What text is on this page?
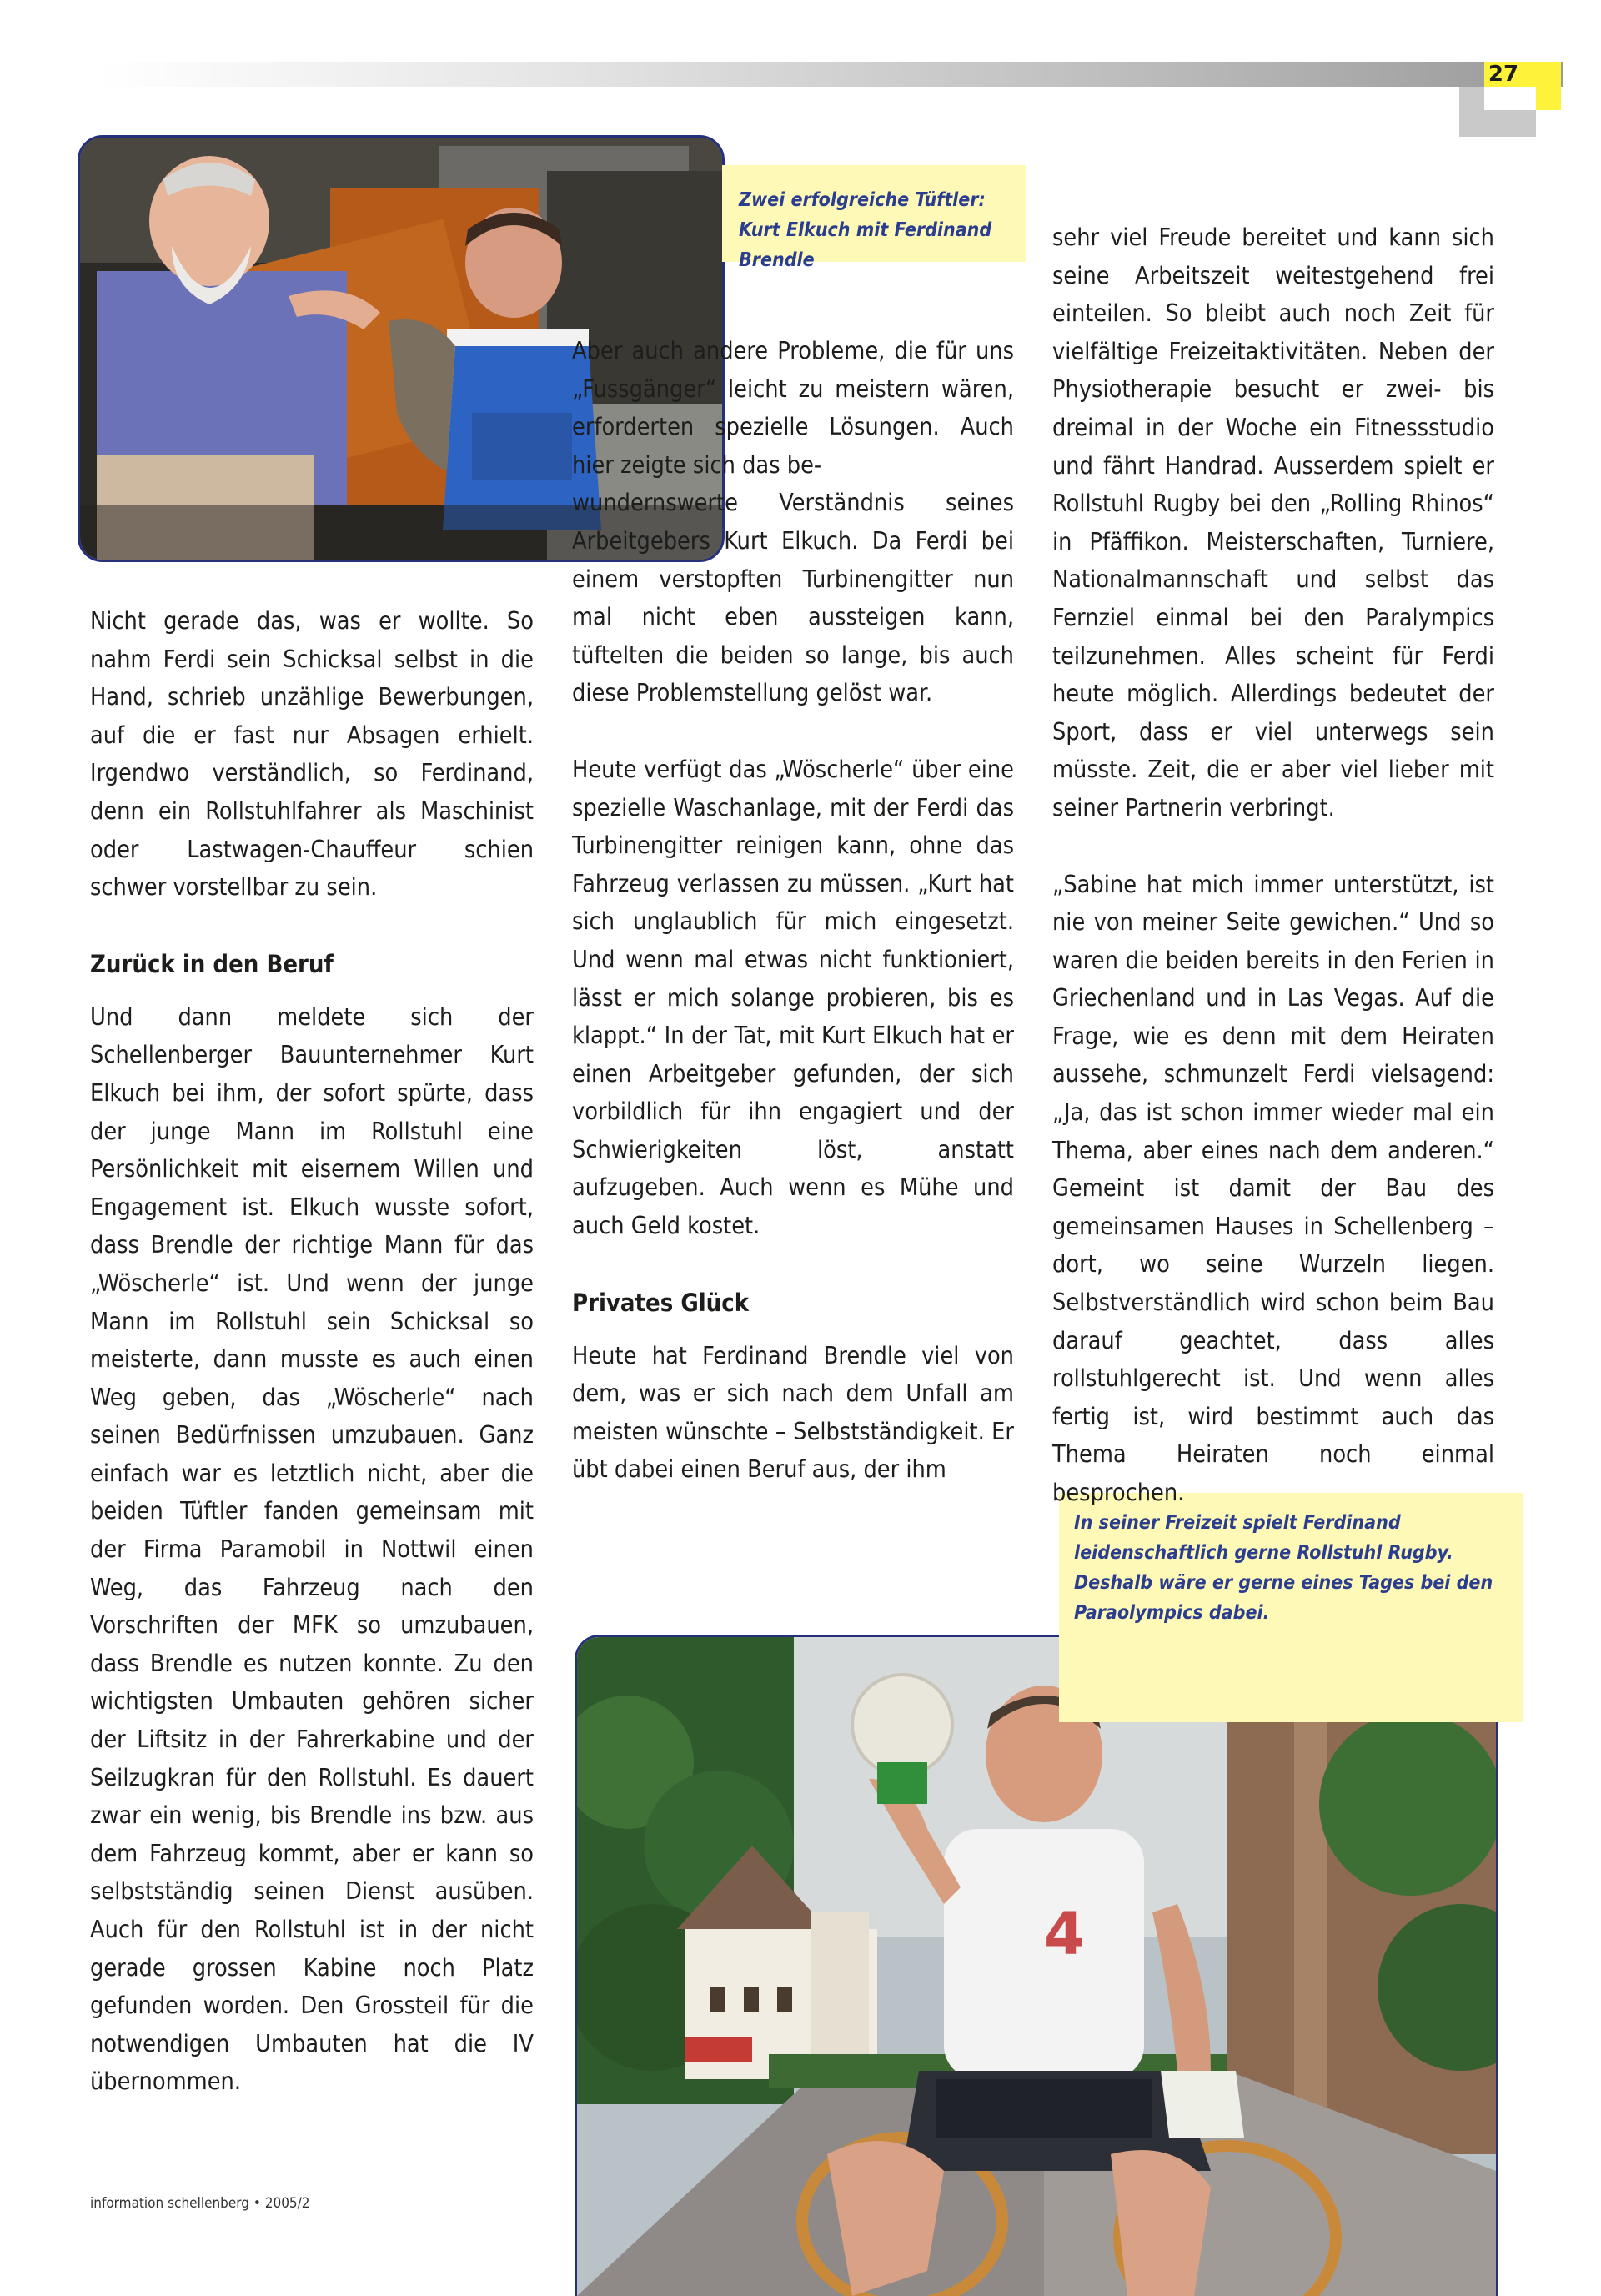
27
Zwei erfolgreiche Tüftler: Kurt Elkuch mit Ferdinand Brendle
4
In seiner Freizeit spielt Ferdinand leidenschaftlich gerne Rollstuhl Rugby. Deshalb wäre er gerne eines Tages bei den Paraolympics dabei.

Nicht gerade das, was er wollte. So nahm Ferdi sein Schicksal selbst in die Hand, schrieb unzählige Bewerbungen, auf die er fast nur Absagen erhielt. Irgendwo verständlich, so Ferdinand, denn ein Rollstuhlfahrer als Maschinist oder Lastwagen-Chauffeur schien schwer vorstellbar zu sein.

Zurück in den Beruf

Und dann meldete sich der Schellenberger Bauunternehmer Kurt Elkuch bei ihm, der sofort spürte, dass der junge Mann im Rollstuhl eine Persönlichkeit mit eisernem Willen und Engagement ist. Elkuch wusste sofort, dass Brendle der richtige Mann für das „Wöscherle“ ist. Und wenn der junge Mann im Rollstuhl sein Schicksal so meisterte, dann musste es auch einen Weg geben, das „Wöscherle“ nach seinen Bedürfnissen umzubauen. Ganz einfach war es letztlich nicht, aber die beiden Tüftler fanden gemeinsam mit der Firma Paramobil in Nottwil einen Weg, das Fahrzeug nach den Vorschriften der MFK so umzubauen, dass Brendle es nutzen konnte. Zu den wichtigsten Umbauten gehören sicher der Liftsitz in der Fahrerkabine und der Seilzugkran für den Rollstuhl. Es dauert zwar ein wenig, bis Brendle ins bzw. aus dem Fahrzeug kommt, aber er kann so selbstständig seinen Dienst ausüben. Auch für den Rollstuhl ist in der nicht gerade grossen Kabine noch Platz gefunden worden. Den Grossteil für die notwendigen Umbauten hat die IV übernommen.

Aber auch andere Probleme, die für uns „Fussgänger“ leicht zu meistern wären, erforderten spezielle Lösungen. Auch hier zeigte sich das be-

wundernswerte Verständnis seines Arbeitgebers Kurt Elkuch. Da Ferdi bei einem verstopften Turbinengitter nun mal nicht eben aussteigen kann, tüftelten die beiden so lange, bis auch diese Problemstellung gelöst war.

Heute verfügt das „Wöscherle“ über eine spezielle Waschanlage, mit der Ferdi das Turbinengitter reinigen kann, ohne das Fahrzeug verlassen zu müssen. „Kurt hat sich unglaublich für mich eingesetzt. Und wenn mal etwas nicht funktioniert, lässt er mich solange probieren, bis es klappt.“ In der Tat, mit Kurt Elkuch hat er einen Arbeitgeber gefunden, der sich vorbildlich für ihn engagiert und der Schwierigkeiten löst, anstatt aufzugeben. Auch wenn es Mühe und auch Geld kostet.

Privates Glück

Heute hat Ferdinand Brendle viel von dem, was er sich nach dem Unfall am meisten wünschte – Selbstständigkeit. Er übt dabei einen Beruf aus, der ihm

sehr viel Freude bereitet und kann sich seine Arbeitszeit weitestgehend frei einteilen. So bleibt auch noch Zeit für vielfältige Freizeitaktivitäten. Neben der Physiotherapie besucht er zwei- bis dreimal in der Woche ein Fitnessstudio und fährt Handrad. Ausserdem spielt er Rollstuhl Rugby bei den „Rolling Rhinos“ in Pfäffikon. Meisterschaften, Turniere, Nationalmannschaft und selbst das Fernziel einmal bei den Paralympics teilzunehmen. Alles scheint für Ferdi heute möglich. Allerdings bedeutet der Sport, dass er viel unterwegs sein müsste. Zeit, die er aber viel lieber mit seiner Partnerin verbringt.

„Sabine hat mich immer unterstützt, ist nie von meiner Seite gewichen.“ Und so waren die beiden bereits in den Ferien in Griechenland und in Las Vegas. Auf die Frage, wie es denn mit dem Heiraten aussehe, schmunzelt Ferdi vielsagend: „Ja, das ist schon immer wieder mal ein Thema, aber eines nach dem anderen.“ Gemeint ist damit der Bau des gemeinsamen Hauses in Schellenberg – dort, wo seine Wurzeln liegen. Selbstverständlich wird schon beim Bau darauf geachtet, dass alles rollstuhlgerecht ist. Und wenn alles fertig ist, wird bestimmt auch das Thema Heiraten noch einmal besprochen.

information schellenberg • 2005/2
